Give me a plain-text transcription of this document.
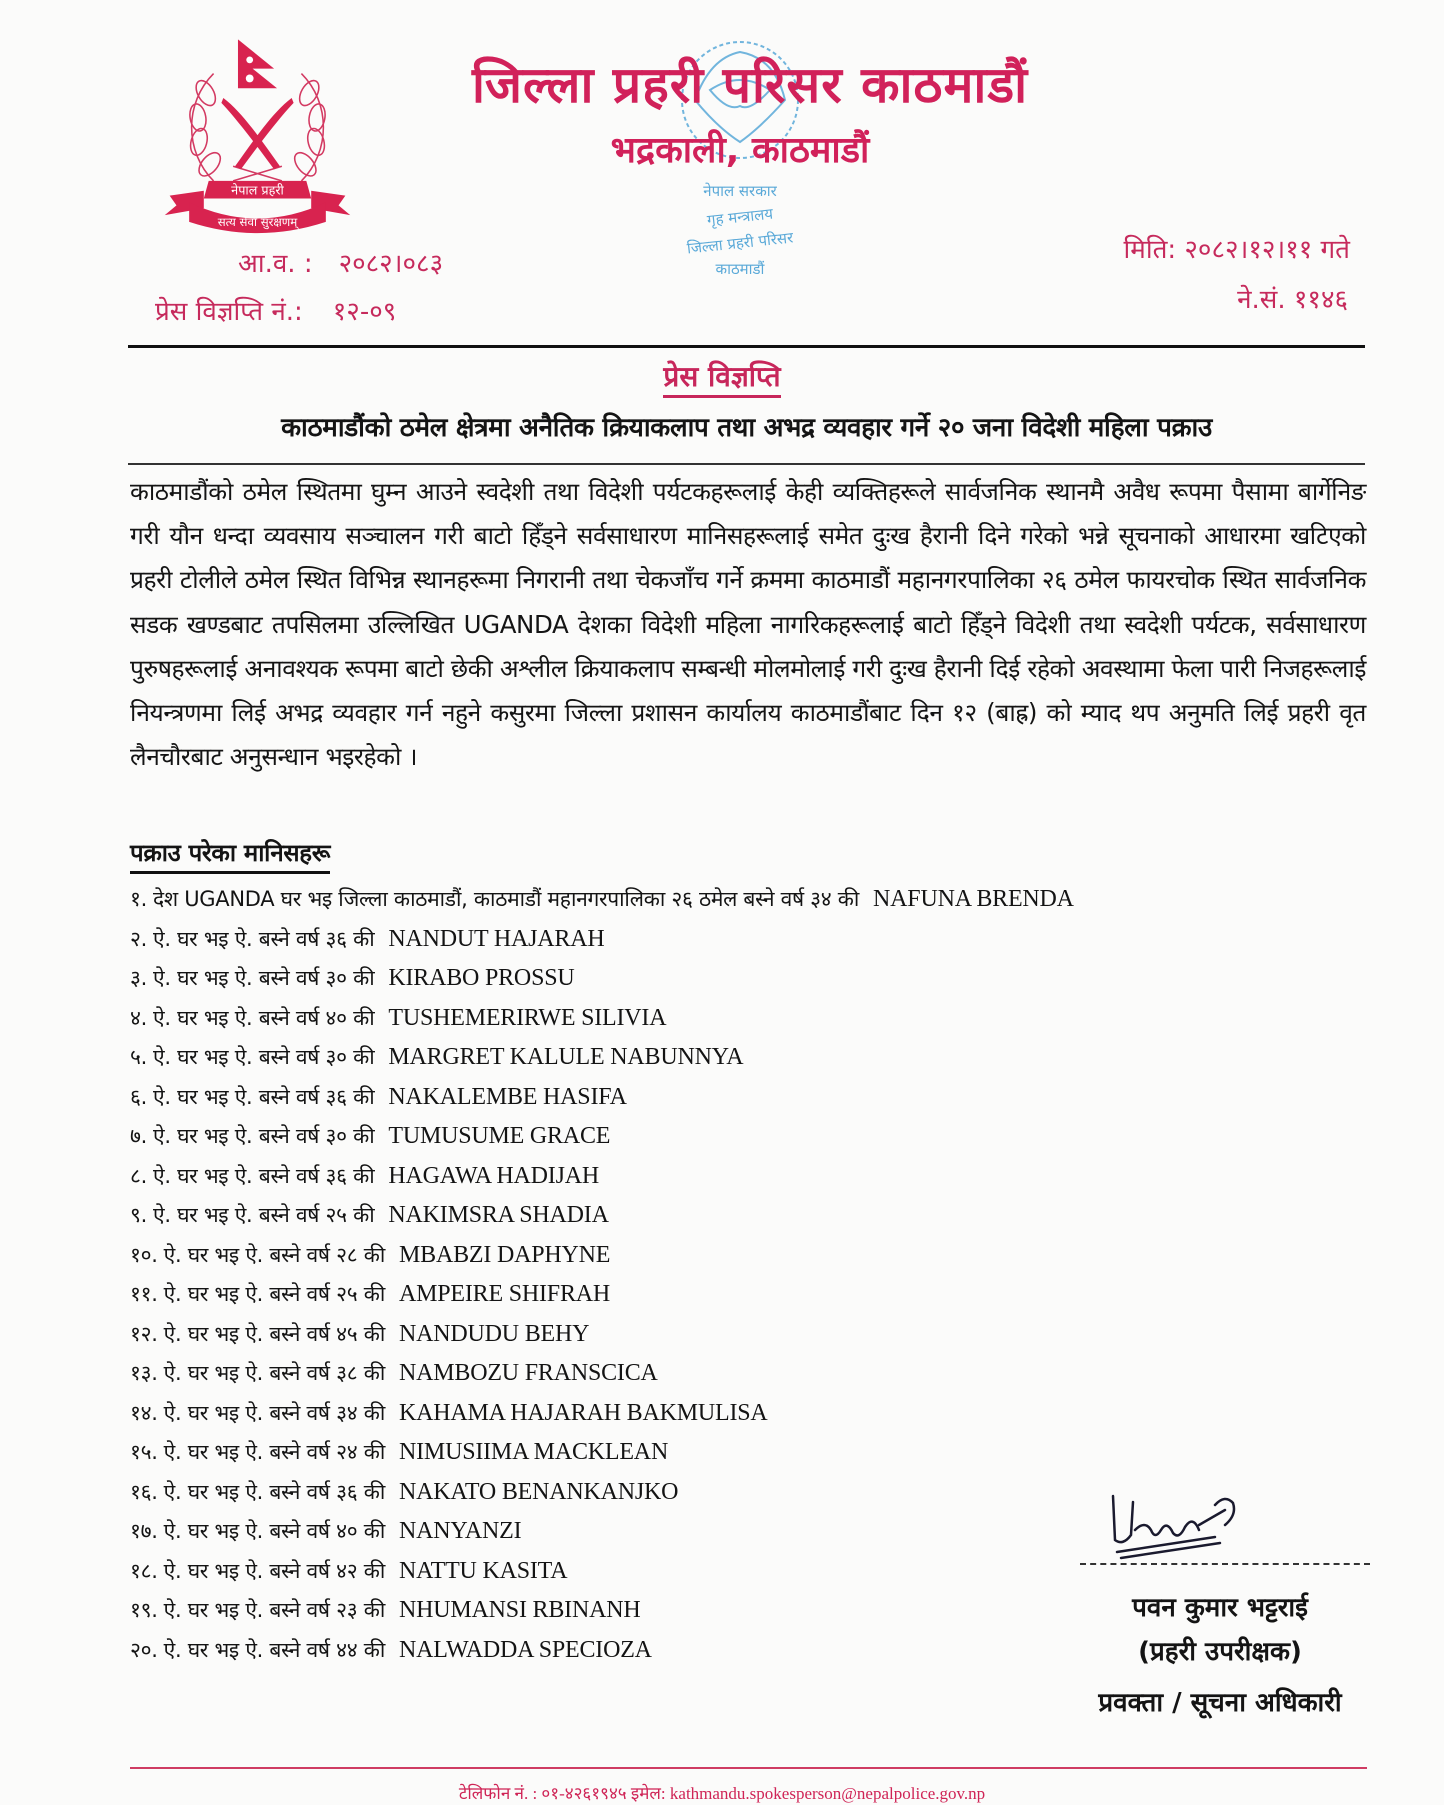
नेपाल प्रहरी
सत्य सेवा सुरक्षणम्
नेपाल सरकार
गृह मन्त्रालय
जिल्ला प्रहरी परिसर
काठमाडौं
जिल्ला प्रहरी परिसर काठमाडौं
भद्रकाली, काठमाडौं
आ.व. : २०८२।०८३
प्रेस विज्ञप्ति नं.: १२-०९
मिति: २०८२।१२।११ गते
ने.सं. ११४६
प्रेस विज्ञप्ति
काठमाडौंको ठमेल क्षेत्रमा अनैतिक क्रियाकलाप तथा अभद्र व्यवहार गर्ने २० जना विदेशी महिला पक्राउ
काठमाडौंको ठमेल स्थितमा घुम्न आउने स्वदेशी तथा विदेशी पर्यटकहरूलाई केही व्यक्तिहरूले सार्वजनिक स्थानमै अवैध रूपमा पैसामा बार्गेनिङ गरी यौन धन्दा व्यवसाय सञ्चालन गरी बाटो हिँड्ने सर्वसाधारण मानिसहरूलाई समेत दुःख हैरानी दिने गरेको भन्ने सूचनाको आधारमा खटिएको प्रहरी टोलीले ठमेल स्थित विभिन्न स्थानहरूमा निगरानी तथा चेकजाँच गर्ने क्रममा काठमाडौं महानगरपालिका २६ ठमेल फायरचोक स्थित सार्वजनिक सडक खण्डबाट तपसिलमा उल्लिखित UGANDA देशका विदेशी महिला नागरिकहरूलाई बाटो हिँड्ने विदेशी तथा स्वदेशी पर्यटक, सर्वसाधारण पुरुषहरूलाई अनावश्यक रूपमा बाटो छेकी अश्लील क्रियाकलाप सम्बन्धी मोलमोलाई गरी दुःख हैरानी दिई रहेको अवस्थामा फेला पारी निजहरूलाई नियन्त्रणमा लिई अभद्र व्यवहार गर्न नहुने कसुरमा जिल्ला प्रशासन कार्यालय काठमाडौंबाट दिन १२ (बाह्र) को म्याद थप अनुमति लिई प्रहरी वृत लैनचौरबाट अनुसन्धान भइरहेको ।
पक्राउ परेका मानिसहरू
१. देश UGANDA घर भइ जिल्ला काठमाडौं, काठमाडौं महानगरपालिका २६ ठमेल बस्ने वर्ष ३४ की NAFUNA BRENDA
२. ऐ. घर भइ ऐ. बस्ने वर्ष ३६ की NANDUT HAJARAH
३. ऐ. घर भइ ऐ. बस्ने वर्ष ३० की KIRABO PROSSU
४. ऐ. घर भइ ऐ. बस्ने वर्ष ४० की TUSHEMERIRWE SILIVIA
५. ऐ. घर भइ ऐ. बस्ने वर्ष ३० की MARGRET KALULE NABUNNYA
६. ऐ. घर भइ ऐ. बस्ने वर्ष ३६ की NAKALEMBE HASIFA
७. ऐ. घर भइ ऐ. बस्ने वर्ष ३० की TUMUSUME GRACE
८. ऐ. घर भइ ऐ. बस्ने वर्ष ३६ की HAGAWA HADIJAH
९. ऐ. घर भइ ऐ. बस्ने वर्ष २५ की NAKIMSRA SHADIA
१०. ऐ. घर भइ ऐ. बस्ने वर्ष २८ की MBABZI DAPHYNE
११. ऐ. घर भइ ऐ. बस्ने वर्ष २५ की AMPEIRE SHIFRAH
१२. ऐ. घर भइ ऐ. बस्ने वर्ष ४५ की NANDUDU BEHY
१३. ऐ. घर भइ ऐ. बस्ने वर्ष ३८ की NAMBOZU FRANSCICA
१४. ऐ. घर भइ ऐ. बस्ने वर्ष ३४ की KAHAMA HAJARAH BAKMULISA
१५. ऐ. घर भइ ऐ. बस्ने वर्ष २४ की NIMUSIIMA MACKLEAN
१६. ऐ. घर भइ ऐ. बस्ने वर्ष ३६ की NAKATO BENANKANJKO
१७. ऐ. घर भइ ऐ. बस्ने वर्ष ४० की NANYANZI
१८. ऐ. घर भइ ऐ. बस्ने वर्ष ४२ की NATTU KASITA
१९. ऐ. घर भइ ऐ. बस्ने वर्ष २३ की NHUMANSI RBINANH
२०. ऐ. घर भइ ऐ. बस्ने वर्ष ४४ की NALWADDA SPECIOZA
पवन कुमार भट्टराई
(प्रहरी उपरीक्षक)
प्रवक्ता / सूचना अधिकारी
टेलिफोन नं. : ०१-४२६१९४५ इमेल: kathmandu.spokesperson@nepalpolice.gov.np
